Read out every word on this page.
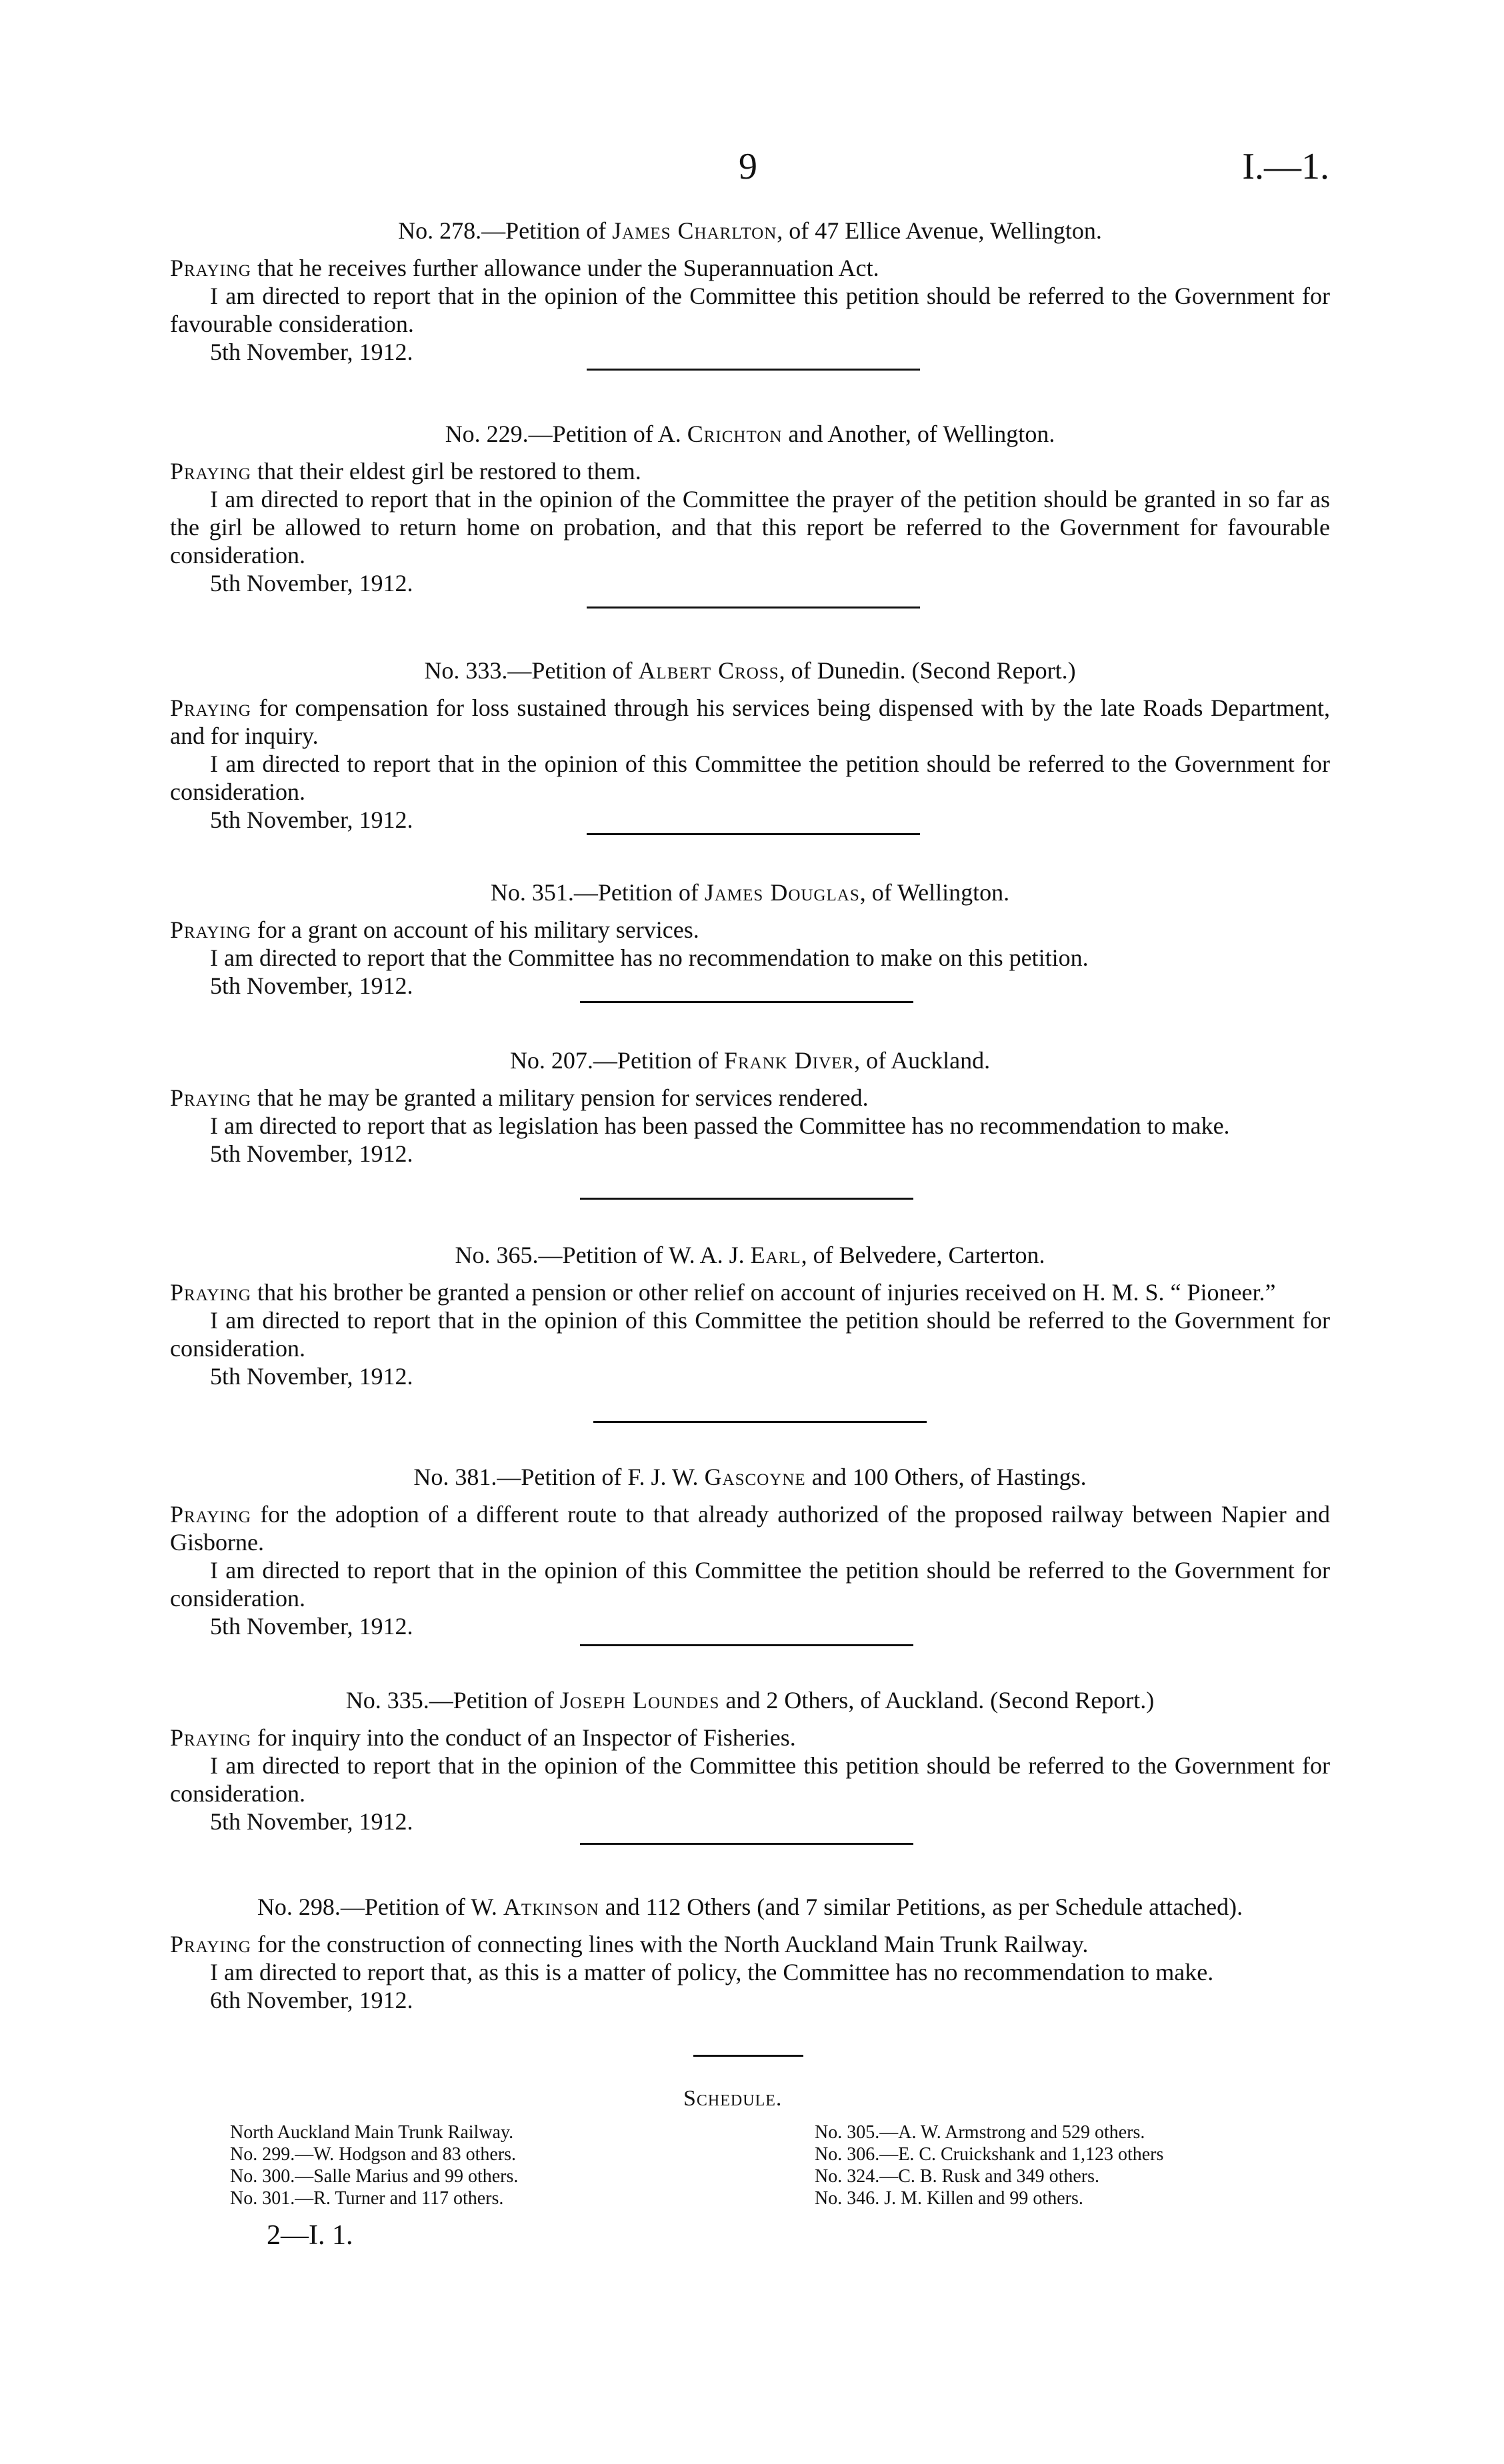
9	I.—1.
No. 278.—Petition of James Charlton, of 47 Ellice Avenue, Wellington.

Praying that he receives further allowance under the Superannuation Act.

I am directed to report that in the opinion of the Committee this petition should be referred to the Government for favourable consideration.

5th November, 1912.

No. 229.—Petition of A. Crichton and Another, of Wellington.

Praying that their eldest girl be restored to them.

I am directed to report that in the opinion of the Committee the prayer of the petition should be granted in so far as the girl be allowed to return home on probation, and that this report be referred to the Government for favourable consideration.

5th November, 1912.

No. 333.—Petition of Albert Cross, of Dunedin. (Second Report.)

Praying for compensation for loss sustained through his services being dispensed with by the late Roads Department, and for inquiry.

I am directed to report that in the opinion of this Committee the petition should be referred to the Government for consideration.

5th November, 1912.

No. 351.—Petition of James Douglas, of Wellington.

Praying for a grant on account of his military services.

I am directed to report that the Committee has no recommendation to make on this petition.

5th November, 1912.

No. 207.—Petition of Frank Diver, of Auckland.

Praying that he may be granted a military pension for services rendered.

I am directed to report that as legislation has been passed the Committee has no recommendation to make.

5th November, 1912.

No. 365.—Petition of W. A. J. Earl, of Belvedere, Carterton.

Praying that his brother be granted a pension or other relief on account of injuries received on H. M. S. “ Pioneer.”

I am directed to report that in the opinion of this Committee the petition should be referred to the Government for consideration.

5th November, 1912.

No. 381.—Petition of F. J. W. Gascoyne and 100 Others, of Hastings.

Praying for the adoption of a different route to that already authorized of the proposed railway between Napier and Gisborne.

I am directed to report that in the opinion of this Committee the petition should be referred to the Government for consideration.

5th November, 1912.

No. 335.—Petition of Joseph Loundes and 2 Others, of Auckland. (Second Report.)

Praying for inquiry into the conduct of an Inspector of Fisheries.

I am directed to report that in the opinion of the Committee this petition should be referred to the Government for consideration.

5th November, 1912.

No. 298.—Petition of W. Atkinson and 112 Others (and 7 similar Petitions, as per Schedule attached).

Praying for the construction of connecting lines with the North Auckland Main Trunk Railway.

I am directed to report that, as this is a matter of policy, the Committee has no recommendation to make.

6th November, 1912.

Schedule.
North Auckland Main Trunk Railway.
No. 299.—W. Hodgson and 83 others.
No. 300.—Salle Marius and 99 others.
No. 301.—R. Turner and 117 others.
No. 305.—A. W. Armstrong and 529 others.
No. 306.—E. C. Cruickshank and 1,123 others
No. 324.—C. B. Rusk and 349 others.
No. 346. J. M. Killen and 99 others.
2—I. 1.
